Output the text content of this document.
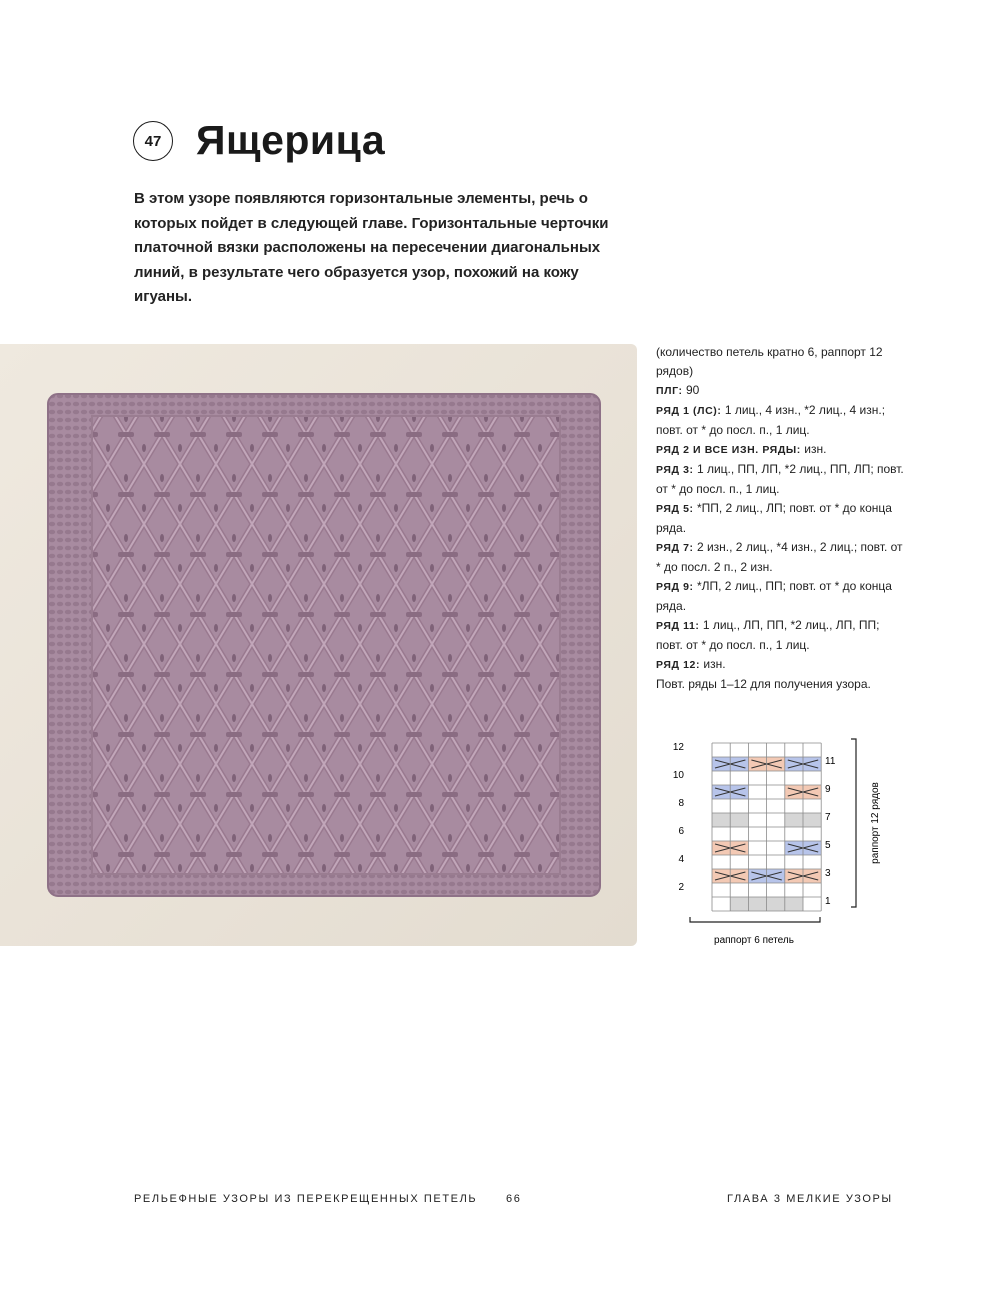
47 Ящерица

В этом узоре появляются горизонтальные элементы, речь о которых пойдет в следующей главе. Горизонтальные черточки платочной вязки расположены на пересечении диагональных линий, в результате чего образуется узор, похожий на кожу игуаны.

(количество петель кратно 6, раппорт 12 рядов)

ПЛГ: 90

РЯД 1 (ЛС): 1 лиц., 4 изн., *2 лиц., 4 изн.; повт. от * до посл. п., 1 лиц.

РЯД 2 И ВСЕ ИЗН. РЯДЫ: изн.

РЯД 3: 1 лиц., ПП, ЛП, *2 лиц., ПП, ЛП; повт. от * до посл. п., 1 лиц.

РЯД 5: *ПП, 2 лиц., ЛП; повт. от * до конца ряда.

РЯД 7: 2 изн., 2 лиц., *4 изн., 2 лиц.; повт. от * до посл. 2 п., 2 изн.

РЯД 9: *ЛП, 2 лиц., ПП; повт. от * до конца ряда.

РЯД 11: 1 лиц., ЛП, ПП, *2 лиц., ЛП, ПП; повт. от * до посл. п., 1 лиц.

РЯД 12: изн.

Повт. ряды 1–12 для получения узора.

12
10
8
6
4
2
11
9
7
5
3
1
раппорт 12 рядов
раппорт 6 петель
РЕЛЬЕФНЫЕ УЗОРЫ ИЗ ПЕРЕКРЕЩЕННЫХ ПЕТЕЛЬ	66	ГЛАВА 3 МЕЛКИЕ УЗОРЫ
